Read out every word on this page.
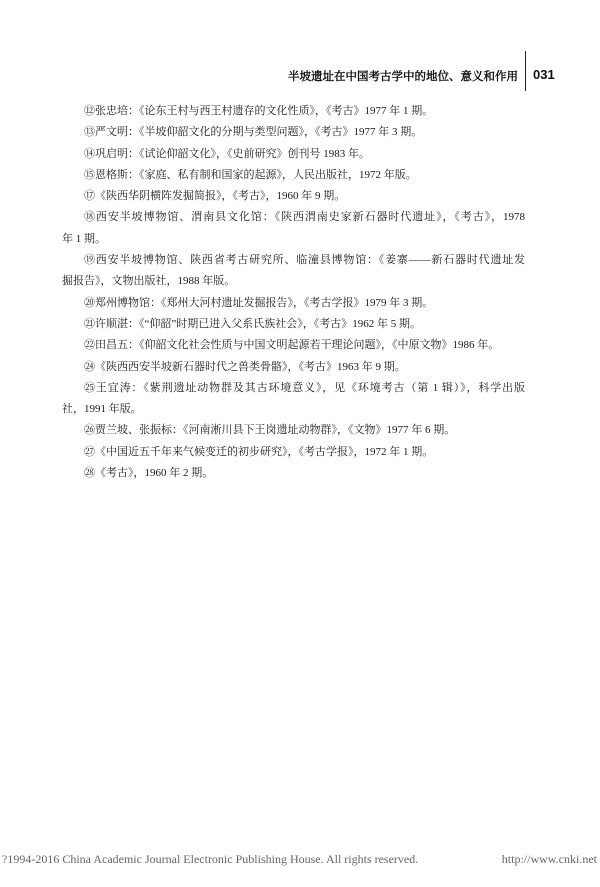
半坡遗址在中国考古学中的地位、意义和作用 031
⑫张忠培：《论东王村与西王村遗存的文化性质》，《考古》1977 年 1 期。
⑬严文明：《半坡仰韶文化的分期与类型问题》，《考古》1977 年 3 期。
⑭巩启明：《试论仰韶文化》，《史前研究》创刊号 1983 年。
⑮恩格斯：《家庭、私有制和国家的起源》，人民出版社，1972 年版。
⑰《陕西华阴横阵发掘简报》，《考古》，1960 年 9 期。
⑱西安半坡博物馆、渭南县文化馆：《陕西渭南史家新石器时代遗址》，《考古》，1978
年 1 期。
⑲西安半坡博物馆、陕西省考古研究所、临潼县博物馆：《姜寨——新石器时代遗址发
掘报告》，文物出版社，1988 年版。
⑳郑州博物馆：《郑州大河村遗址发掘报告》，《考古学报》1979 年 3 期。
㉑许顺湛：《“仰韶”时期已进入父系氏族社会》，《考古》1962 年 5 期。
㉒田昌五：《仰韶文化社会性质与中国文明起源若干理论问题》，《中原文物》1986 年。
㉔《陕西西安半坡新石器时代之兽类骨骼》，《考古》1963 年 9 期。
㉕王宜涛：《紫荆遗址动物群及其古环境意义》，见《环境考古（第 1 辑）》，科学出版
社，1991 年版。
㉖贾兰坡、张振标：《河南淅川县下王岗遗址动物群》，《文物》1977 年 6 期。
㉗《中国近五千年来气候变迁的初步研究》，《考古学报》，1972 年 1 期。
㉘《考古》，1960 年 2 期。
?1994-2016 China Academic Journal Electronic Publishing House. All rights reserved.	http://www.cnki.net
